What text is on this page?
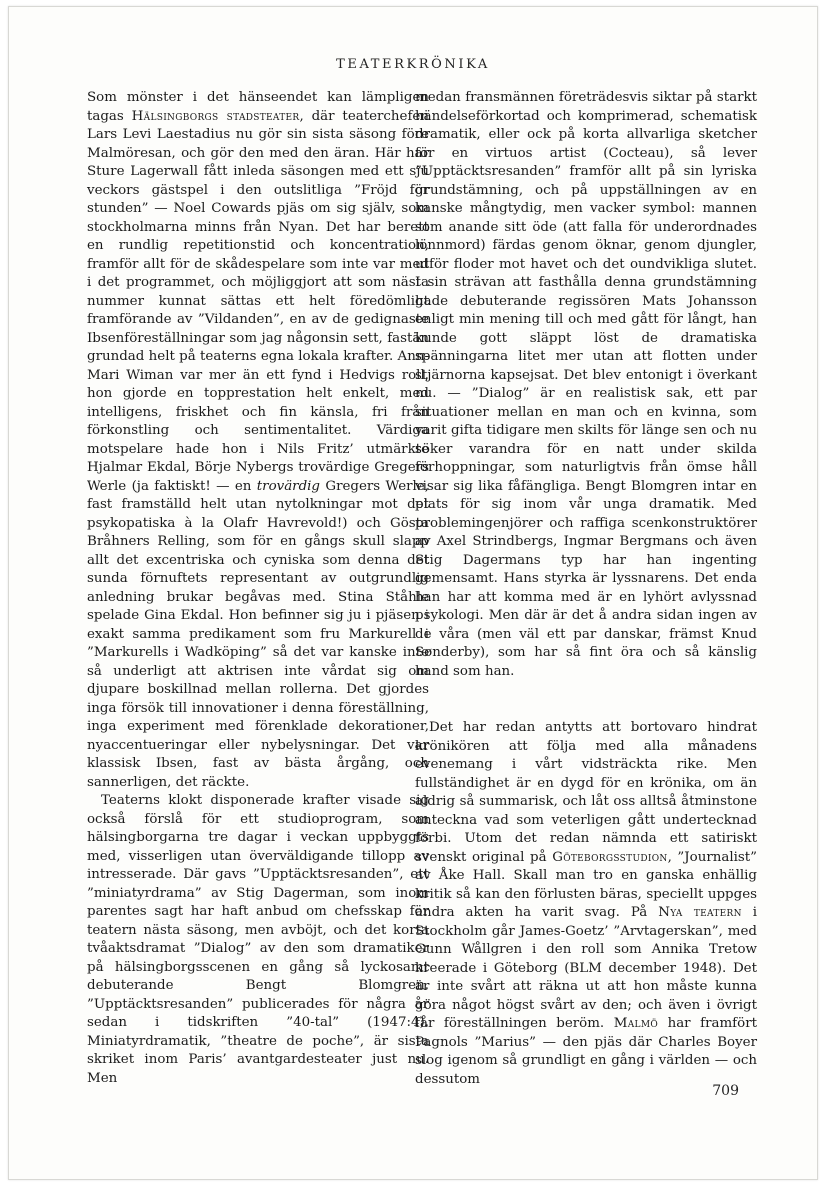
TEATERKRÖNIKA

Som mönster i det hänseendet kan lämpligen tagas Hälsingborgs stadsteater, där teaterchefen Lars Levi Laestadius nu gör sin sista säsong före Malmöresan, och gör den med den äran. Här har Sture Lagerwall fått inleda säsongen med ett sju veckors gästspel i den outslitliga ”Fröjd för stunden” — Noel Cowards pjäs om sig själv, som stockholmarna minns från Nyan. Det har berett en rundlig repetitionstid och koncentration, framför allt för de skådespelare som inte var med i det programmet, och möjliggjort att som nästa nummer kunnat sättas ett helt föredömligt framförande av ”Vildanden”, en av de gedignaste Ibsenföreställningar som jag någonsin sett, fastän grundad helt på teaterns egna lokala krafter. Ann-Mari Wiman var mer än ett fynd i Hedvigs roll, hon gjorde en topprestation helt enkelt, med intelligens, friskhet och fin känsla, fri från förkonstling och sentimentalitet. Värdiga motspelare hade hon i Nils Fritz’ utmärkte Hjalmar Ekdal, Börje Nybergs trovärdige Gregers Werle (ja faktiskt! — en trovärdig Gregers Werle, fast framställd helt utan nytolkningar mot det psykopatiska à la Olafr Havrevold!) och Gösta Bråhners Relling, som för en gångs skull slapp allt det excentriska och cyniska som denna det sunda förnuftets representant av outgrundlig anledning brukar begåvas med. Stina Ståhle spelade Gina Ekdal. Hon befinner sig ju i pjäsen i exakt samma predikament som fru Markurell i ”Markurells i Wadköping” så det var kanske inte så underligt att aktrisen inte vårdat sig om djupare boskillnad mellan rollerna. Det gjordes inga försök till innovationer i denna föreställning, inga experiment med förenklade dekorationer, nyaccentueringar eller nybelysningar. Det var klassisk Ibsen, fast av bästa årgång, och sannerligen, det räckte.

Teaterns klokt disponerade krafter visade sig också förslå för ett studioprogram, som hälsingborgarna tre dagar i veckan uppbyggts med, visserligen utan överväldigande tillopp av intresserade. Där gavs ”Upptäcktsresanden”, ett ”miniatyrdrama” av Stig Dagerman, som inom parentes sagt har haft anbud om chefsskap för teatern nästa säsong, men avböjt, och det korta tvåaktsdramat ”Dialog” av den som dramatiker på hälsingborgsscenen en gång så lyckosamt debuterande Bengt Blomgren. ”Upptäcktsresanden” publicerades för några år sedan i tidskriften ”40-tal” (1947:4). Miniatyrdramatik, ”theatre de poche”, är sista skriket inom Paris’ avantgardesteater just nu. Men

medan fransmännen företrädesvis siktar på starkt händelseförkortad och komprimerad, schematisk dramatik, eller ock på korta allvarliga sketcher för en virtuos artist (Cocteau), så lever ”Upptäcktsresanden” framför allt på sin lyriska grundstämning, och på uppställningen av en kanske mångtydig, men vacker symbol: mannen som anande sitt öde (att falla för underordnades lönnmord) färdas genom öknar, genom djungler, utför floder mot havet och det oundvikliga slutet. I sin strävan att fasthålla denna grundstämning hade debuterande regissören Mats Johansson enligt min mening till och med gått för långt, han kunde gott släppt löst de dramatiska spänningarna litet mer utan att flotten under stjärnorna kapsejsat. Det blev entonigt i överkant nu. — ”Dialog” är en realistisk sak, ett par situationer mellan en man och en kvinna, som varit gifta tidigare men skilts för länge sen och nu söker varandra för en natt under skilda förhoppningar, som naturligtvis från ömse håll visar sig lika fåfängliga. Bengt Blomgren intar en plats för sig inom vår unga dramatik. Med problemingenjörer och raffiga scenkonstruktörer av Axel Strindbergs, Ingmar Bergmans och även Stig Dagermans typ har han ingenting gemensamt. Hans styrka är lyssnarens. Det enda han har att komma med är en lyhört avlyssnad psykologi. Men där är det å andra sidan ingen av de våra (men väl ett par danskar, främst Knud Sønderby), som har så fint öra och så känslig hand som han.

Det har redan antytts att bortovaro hindrat krönikören att följa med alla månadens evenemang i vårt vidsträckta rike. Men fullständighet är en dygd för en krönika, om än aldrig så summarisk, och låt oss alltså åtminstone anteckna vad som veterligen gått undertecknad förbi. Utom det redan nämnda ett satiriskt svenskt original på Göteborgsstudion, ”Journalist” av Åke Hall. Skall man tro en ganska enhällig kritik så kan den förlusten bäras, speciellt uppges andra akten ha varit svag. På Nya teatern i Stockholm går James-Goetz’ ”Arvtagerskan”, med Gunn Wållgren i den roll som Annika Tretow kreerade i Göteborg (BLM december 1948). Det är inte svårt att räkna ut att hon måste kunna göra något högst svårt av den; och även i övrigt får föreställningen beröm. Malmö har framfört Pagnols ”Marius” — den pjäs där Charles Boyer slog igenom så grundligt en gång i världen — och dessutom

709
